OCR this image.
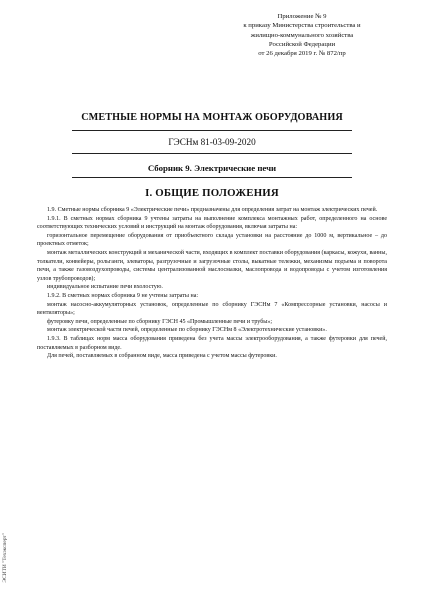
Приложение № 9
к приказу Министерства строительства и
жилищно-коммунального хозяйства
Российской Федерации
от 26 декабря 2019 г. № 872/пр
СМЕТНЫЕ НОРМЫ НА МОНТАЖ ОБОРУДОВАНИЯ
ГЭСНм 81-03-09-2020
Сборник 9. Электрические печи
I. ОБЩИЕ ПОЛОЖЕНИЯ

1.9. Сметные нормы сборника 9 «Электрические печи» предназначены для определения затрат на монтаж электрических печей.

1.9.1. В сметных нормах сборника 9 учтены затраты на выполнение комплекса монтажных работ, определенного на основе соответствующих технических условий и инструкций на монтаж оборудования, включая затраты на:

горизонтальное перемещение оборудования от приобъектного склада установки на расстояние до 1000 м, вертикальное – до проектных отметок;

монтаж металлических конструкций и механической части, входящих в комплект поставки оборудования (каркасы, кожухи, ванны, толкатели, конвейеры, рольганги, элеваторы, разгрузочные и загрузочные столы, выкатные тележки, механизмы подъема и поворота печи, а также газовоздухопроводы, системы централизованной маслосмазки, маслопровода и водопроводы с учетом изготовления узлов трубопроводов);

индивидуальное испытание печи вхолостую.

1.9.2. В сметных нормах сборника 9 не учтены затраты на:

монтаж насосно-аккумуляторных установок, определенные по сборнику ГЭСНм 7 «Компрессорные установки, насосы и вентиляторы»;

футеровку печи, определенные по сборнику ГЭСН 45 «Промышленные печи и трубы»;

монтаж электрической части печей, определенные по сборнику ГЭСНм 8 «Электротехнические установки».

1.9.3. В таблицах норм масса оборудования приведена без учета массы электрооборудования, а также футеровки для печей, поставляемых в разборном виде.

Для печей, поставляемых в собранном виде, масса приведена с учетом массы футеровки.

ЭСИТИ "Техэксперт"
